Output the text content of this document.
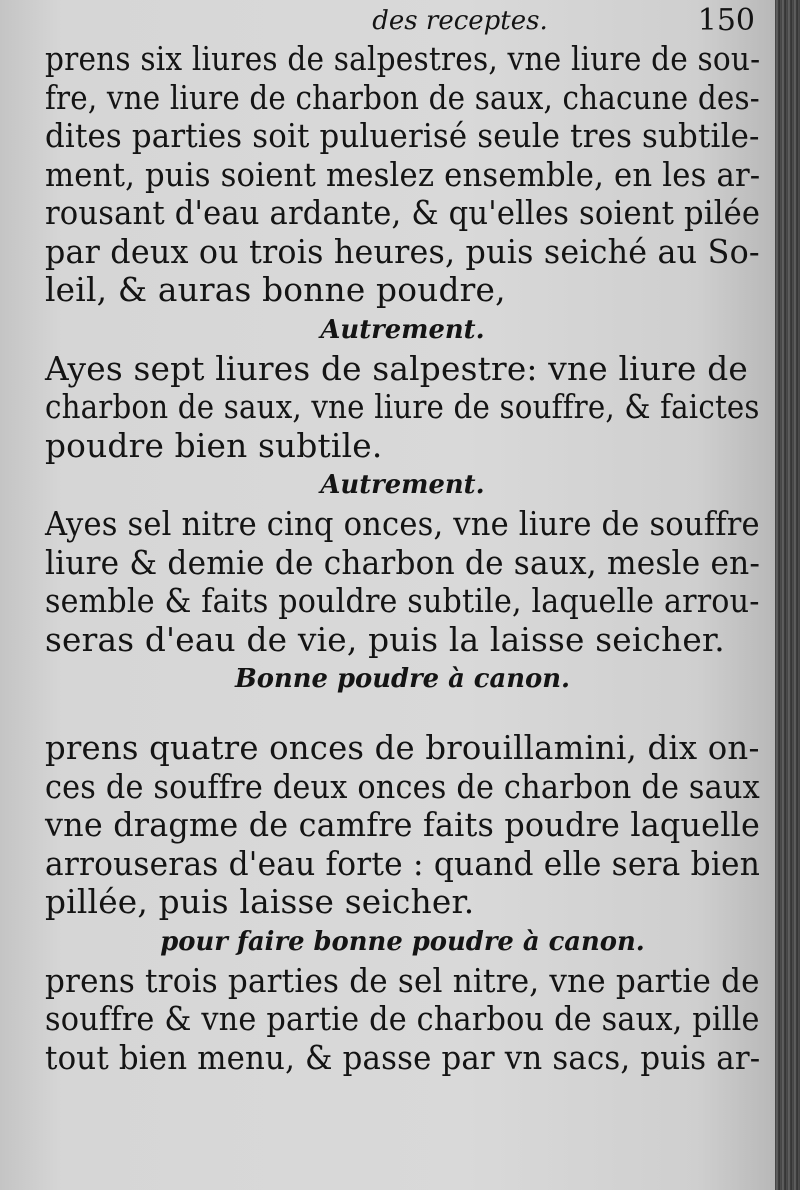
des receptes.	150
prens six liures de salpestres, vne liure de sou-
fre, vne liure de charbon de saux, chacune des-
dites parties soit puluerisé seule tres subtile-
ment, puis soient meslez ensemble, en les ar-
rousant d'eau ardante, & qu'elles soient pilée
par deux ou trois heures, puis seiché au So-
leil, & auras bonne poudre,
Autrement.
Ayes sept liures de salpestre: vne liure de
charbon de saux, vne liure de souffre, & faictes
poudre bien subtile.
Autrement.
Ayes sel nitre cinq onces, vne liure de souffre
liure & demie de charbon de saux, mesle en-
semble & faits pouldre subtile, laquelle arrou-
seras d'eau de vie, puis la laisse seicher.
Bonne poudre à canon.
prens quatre onces de brouillamini, dix on-
ces de souffre deux onces de charbon de saux
vne dragme de camfre faits poudre laquelle
arrouseras d'eau forte : quand elle sera bien
pillée, puis laisse seicher.
pour faire bonne poudre à canon.
prens trois parties de sel nitre, vne partie de
souffre & vne partie de charbou de saux, pille
tout bien menu, & passe par vn sacs, puis ar-
